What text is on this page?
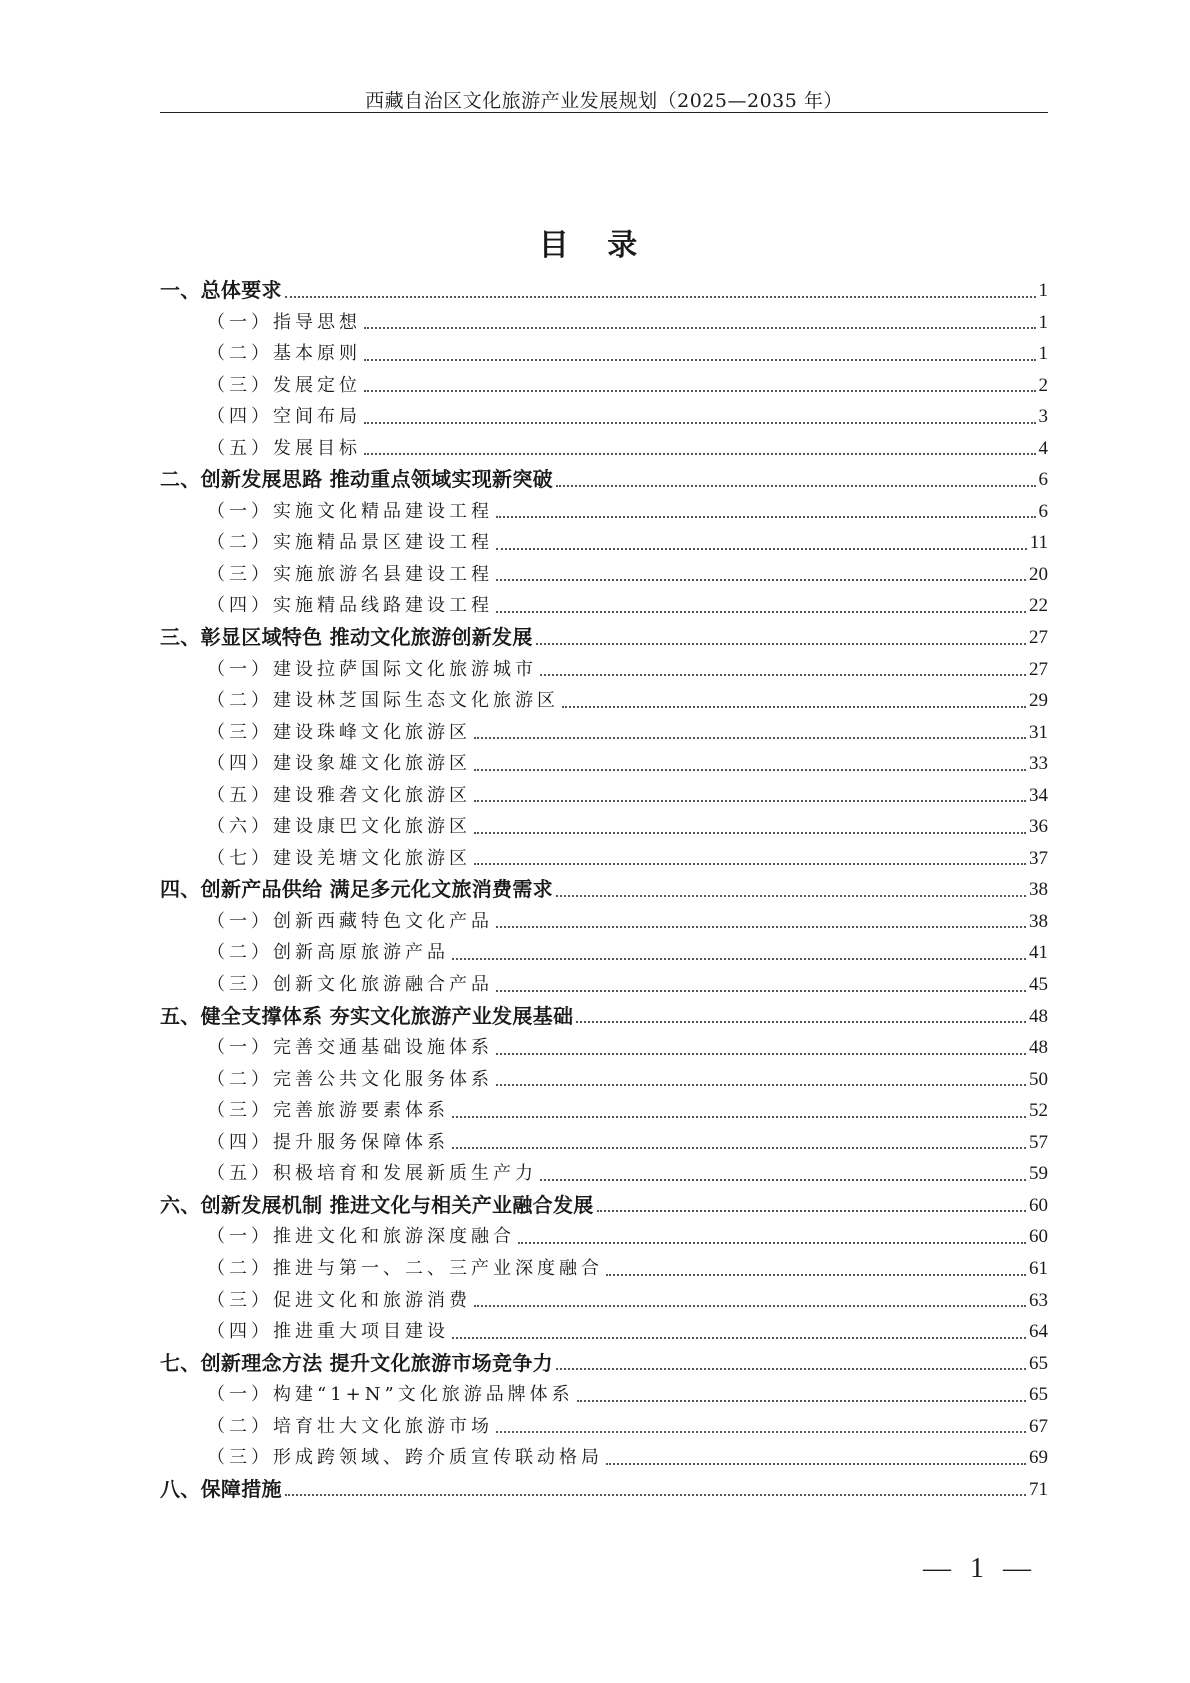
西藏自治区文化旅游产业发展规划（2025—2035 年）
目 录
一、总体要求	1
（一）指导思想	1
（二）基本原则	1
（三）发展定位	2
（四）空间布局	3
（五）发展目标	4
二、创新发展思路 推动重点领域实现新突破	6
（一）实施文化精品建设工程	6
（二）实施精品景区建设工程	11
（三）实施旅游名县建设工程	20
（四）实施精品线路建设工程	22
三、彰显区域特色 推动文化旅游创新发展	27
（一）建设拉萨国际文化旅游城市	27
（二）建设林芝国际生态文化旅游区	29
（三）建设珠峰文化旅游区	31
（四）建设象雄文化旅游区	33
（五）建设雅砻文化旅游区	34
（六）建设康巴文化旅游区	36
（七）建设羌塘文化旅游区	37
四、创新产品供给 满足多元化文旅消费需求	38
（一）创新西藏特色文化产品	38
（二）创新高原旅游产品	41
（三）创新文化旅游融合产品	45
五、健全支撑体系 夯实文化旅游产业发展基础	48
（一）完善交通基础设施体系	48
（二）完善公共文化服务体系	50
（三）完善旅游要素体系	52
（四）提升服务保障体系	57
（五）积极培育和发展新质生产力	59
六、创新发展机制 推进文化与相关产业融合发展	60
（一）推进文化和旅游深度融合	60
（二）推进与第一、二、三产业深度融合	61
（三）促进文化和旅游消费	63
（四）推进重大项目建设	64
七、创新理念方法 提升文化旅游市场竞争力	65
（一）构建“1+N”文化旅游品牌体系	65
（二）培育壮大文化旅游市场	67
（三）形成跨领域、跨介质宣传联动格局	69
八、保障措施	71
— 1 —
